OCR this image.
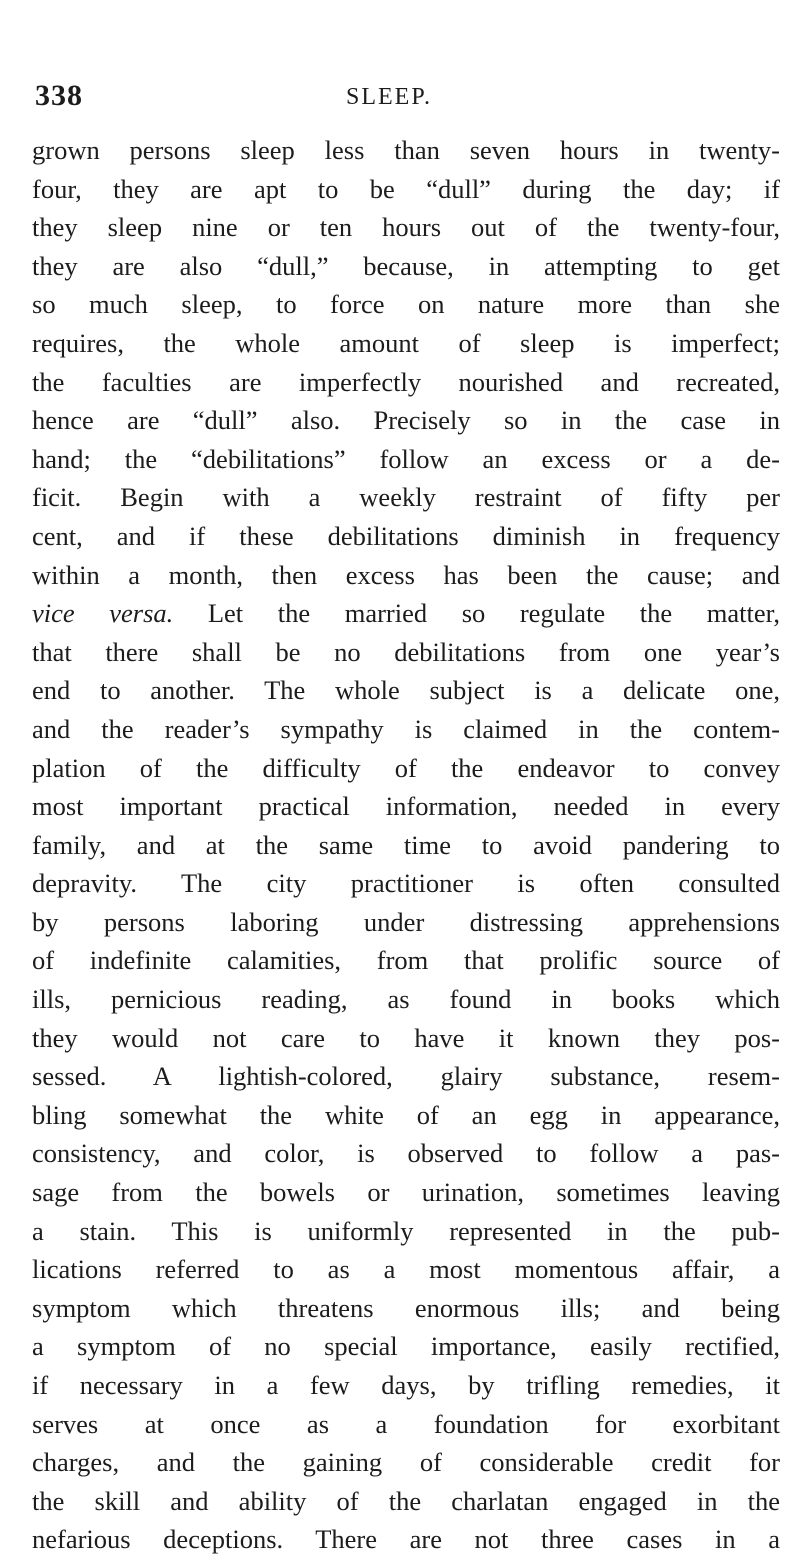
338	SLEEP.
grown persons sleep less than seven hours in twenty-
four, they are apt to be “dull” during the day; if
they sleep nine or ten hours out of the twenty-four,
they are also “dull,” because, in attempting to get
so much sleep, to force on nature more than she
requires, the whole amount of sleep is imperfect;
the faculties are imperfectly nourished and recreated,
hence are “dull” also. Precisely so in the case in
hand; the “debilitations” follow an excess or a de-
ficit. Begin with a weekly restraint of fifty per
cent, and if these debilitations diminish in frequency
within a month, then excess has been the cause; and
vice versa. Let the married so regulate the matter,
that there shall be no debilitations from one year’s
end to another. The whole subject is a delicate one,
and the reader’s sympathy is claimed in the contem-
plation of the difficulty of the endeavor to convey
most important practical information, needed in every
family, and at the same time to avoid pandering to
depravity. The city practitioner is often consulted
by persons laboring under distressing apprehensions
of indefinite calamities, from that prolific source of
ills, pernicious reading, as found in books which
they would not care to have it known they pos-
sessed. A lightish-colored, glairy substance, resem-
bling somewhat the white of an egg in appearance,
consistency, and color, is observed to follow a pas-
sage from the bowels or urination, sometimes leaving
a stain. This is uniformly represented in the pub-
lications referred to as a most momentous affair, a
symptom which threatens enormous ills; and being
a symptom of no special importance, easily rectified,
if necessary in a few days, by trifling remedies, it
serves at once as a foundation for exorbitant
charges, and the gaining of considerable credit for
the skill and ability of the charlatan engaged in the
nefarious deceptions. There are not three cases in a
